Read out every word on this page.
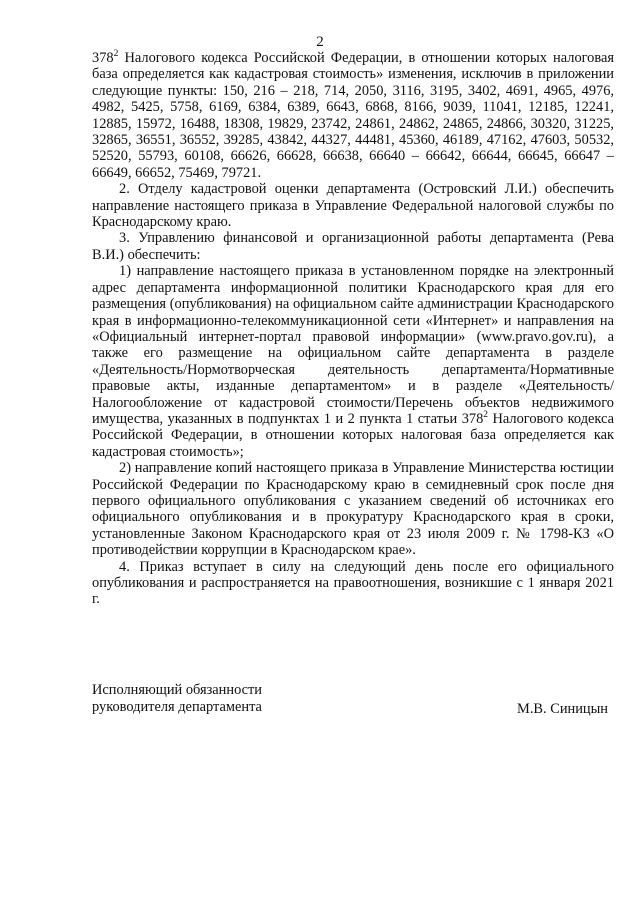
2

$378^2$ Налогового кодекса Российской Федерации, в отношении которых налоговая база определяется как кадастровая стоимость» изменения, исключив в приложении следующие пункты: 150, 216 – 218, 714, 2050, 3116, 3195, 3402, 4691, 4965, 4976, 4982, 5425, 5758, 6169, 6384, 6389, 6643, 6868, 8166, 9039, 11041, 12185, 12241, 12885, 15972, 16488, 18308, 19829, 23742, 24861, 24862, 24865, 24866, 30320, 31225, 32865, 36551, 36552, 39285, 43842, 44327, 44481, 45360, 46189, 47162, 47603, 50532, 52520, 55793, 60108, 66626, 66628, 66638, 66640 – 66642, 66644, 66645, 66647 – 66649, 66652, 75469, 79721.

2. Отделу кадастровой оценки департамента (Островский Л.И.) обеспечить направление настоящего приказа в Управление Федеральной налоговой службы по Краснодарскому краю.

3. Управлению финансовой и организационной работы департамента (Рева В.И.) обеспечить:

1) направление настоящего приказа в установленном порядке на электронный адрес департамента информационной политики Краснодарского края для его размещения (опубликования) на официальном сайте администрации Краснодарского края в информационно-телекоммуникационной сети «Интернет» и направления на «Официальный интернет-портал правовой информации» (www.pravo.gov.ru), а также его размещение на официальном сайте департамента в разделе «Деятельность/Нормотворческая деятельность департамента/Нормативные правовые акты, изданные департаментом» и в разделе «Деятельность/Налогообложение от кадастровой стоимости/Перечень объектов недвижимого имущества, указанных в подпунктах 1 и 2 пункта 1 статьи $378^2$ Налогового кодекса Российской Федерации, в отношении которых налоговая база определяется как кадастровая стоимость»;

2) направление копий настоящего приказа в Управление Министерства юстиции Российской Федерации по Краснодарскому краю в семидневный срок после дня первого официального опубликования с указанием сведений об источниках его официального опубликования и в прокуратуру Краснодарского края в сроки, установленные Законом Краснодарского края от 23 июля 2009 г. № 1798-КЗ «О противодействии коррупции в Краснодарском крае».

4. Приказ вступает в силу на следующий день после его официального опубликования и распространяется на правоотношения, возникшие с 1 января 2021 г.

Исполняющий обязанности
руководителя департамента	М.В. Синицын
